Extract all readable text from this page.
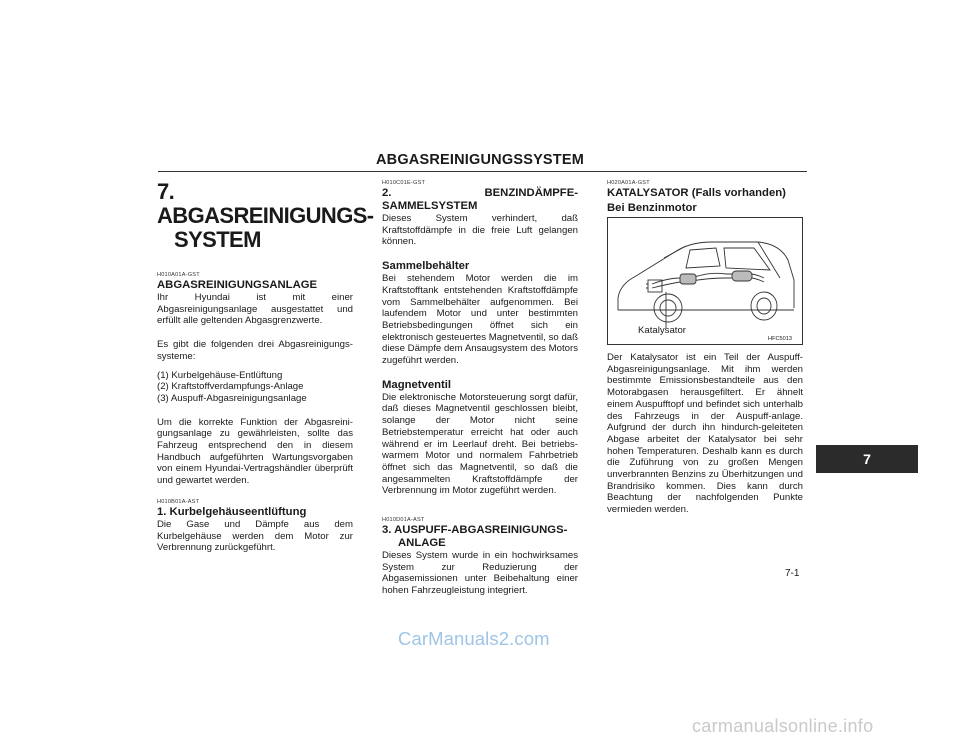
ABGASREINIGUNGSSYSTEM
7.ABGASREINIGUNGS-
SYSTEM

H010A01A-GST

ABGASREINIGUNGSANLAGE

Ihr Hyundai ist mit einer Abgasreinigungsanlage ausgestattet und erfüllt alle geltenden Abgasgrenzwerte.

Es gibt die folgenden drei Abgasreinigungs- systeme:

(1) Kurbelgehäuse-Entlüftung

(2) Kraftstoffverdampfungs-Anlage

(3) Auspuff-Abgasreinigungsanlage

Um die korrekte Funktion der Abgasreini- gungsanlage zu gewährleisten, sollte das Fahrzeug entsprechend den in diesem Handbuch aufgeführten Wartungsvorgaben von einem Hyundai-Vertragshändler überprüft und gewartet werden.

H010B01A-AST

1. Kurbelgehäuseentlüftung

Die Gase und Dämpfe aus dem Kurbelgehäuse werden dem Motor zur Verbrennung zurückgeführt.

H010C01E-GST

2. BENZINDÄMPFE-SAMMELSYSTEM

Dieses System verhindert, daß Kraftstoffdämpfe in die freie Luft gelangen können.

Sammelbehälter

Bei stehendem Motor werden die im Kraftstofftank entstehenden Kraftstoffdämpfe vom Sammelbehälter aufgenommen. Bei laufendem Motor und unter bestimmten Betriebsbedingungen öffnet sich ein elektronisch gesteuertes Magnetventil, so daß diese Dämpfe dem Ansaugsystem des Motors zugeführt werden.

Magnetventil

Die elektronische Motorsteuerung sorgt dafür, daß dieses Magnetventil geschlossen bleibt, solange der Motor nicht seine Betriebstemperatur erreicht hat oder auch während er im Leerlauf dreht. Bei betriebs- warmem Motor und normalem Fahrbetrieb öffnet sich das Magnetventil, so daß die angesammelten Kraftstoffdämpfe der Verbrennung im Motor zugeführt werden.

H010D01A-AST

3. AUSPUFF-ABGASREINIGUNGS-

ANLAGE

Dieses System wurde in ein hochwirksames System zur Reduzierung der Abgasemissionen unter Beibehaltung einer hohen Fahrzeugleistung integriert.

H020A01A-GST

KATALYSATOR (Falls vorhanden)

Bei Benzinmotor

Katalysator
HFC5013

Der Katalysator ist ein Teil der Auspuff- Abgasreinigungsanlage. Mit ihm werden bestimmte Emissionsbestandteile aus den Motorabgasen herausgefiltert. Er ähnelt einem Auspufftopf und befindet sich unterhalb des Fahrzeugs in der Auspuff-anlage. Aufgrund der durch ihn hindurch-geleiteten Abgase arbeitet der Katalysator bei sehr hohen Temperaturen. Deshalb kann es durch die Zuführung von zu großen Mengen unverbrannten Benzins zu Überhitzungen und Brandrisiko kommen. Dies kann durch Beachtung der nachfolgenden Punkte vermieden werden.

7
7-1
CarManuals2.com
carmanualsonline.info
